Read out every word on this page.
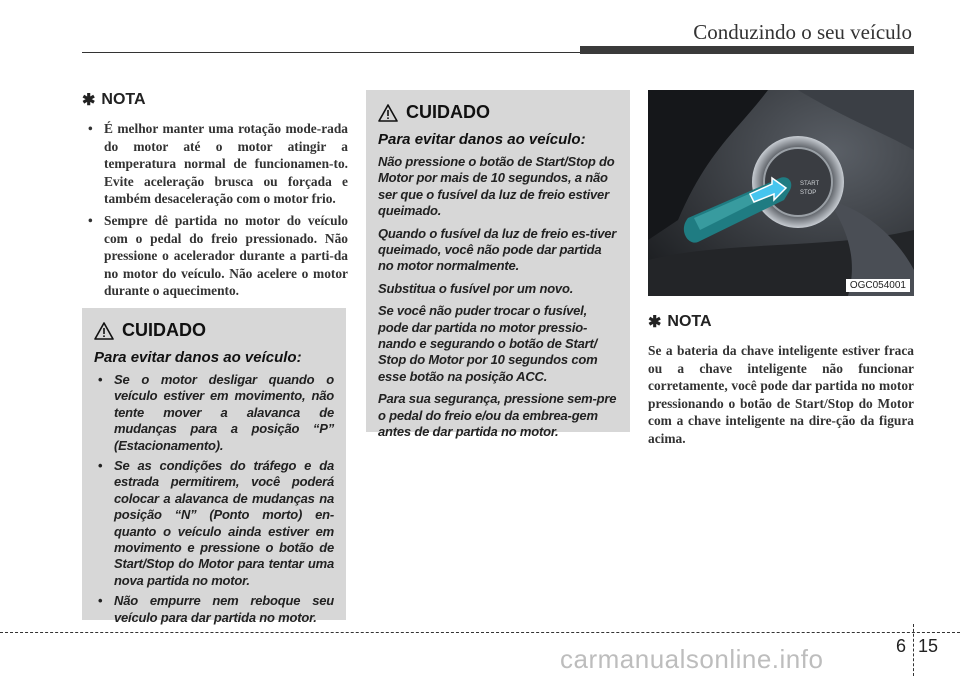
Conduzindo o seu veículo
✱ NOTA
• É melhor manter uma rotação mode-rada do motor até o motor atingir a temperatura normal de funcionamen-to. Evite aceleração brusca ou forçada e também desaceleração com o motor frio.
• Sempre dê partida no motor do veículo com o pedal do freio pressionado. Não pressione o acelerador durante a parti-da no motor do veículo. Não acelere o motor durante o aquecimento.
CUIDADO
Para evitar danos ao veículo:
• Se o motor desligar quando o veículo estiver em movimento, não tente mover a alavanca de mudanças para a posição “P” (Estacionamento).
• Se as condições do tráfego e da estrada permitirem, você poderá colocar a alavanca de mudanças na posição “N” (Ponto morto) en-quanto o veículo ainda estiver em movimento e pressione o botão de Start/Stop do Motor para tentar uma nova partida no motor.
• Não empurre nem reboque seu veículo para dar partida no motor.
CUIDADO
Para evitar danos ao veículo:

Não pressione o botão de Start/Stop do Motor por mais de 10 segundos, a não ser que o fusível da luz de freio estiver queimado.

Quando o fusível da luz de freio es-tiver queimado, você não pode dar partida no motor normalmente.

Substitua o fusível por um novo.

Se você não puder trocar o fusível, pode dar partida no motor pressio-nando e segurando o botão de Start/ Stop do Motor por 10 segundos com esse botão na posição ACC.

Para sua segurança, pressione sem-pre o pedal do freio e/ou da embrea-gem antes de dar partida no motor.

START
STOP
OGC054001
✱ NOTA
Se a bateria da chave inteligente estiver fraca ou a chave inteligente não funcionar corretamente, você pode dar partida no motor pressionando o botão de Start/Stop do Motor com a chave inteligente na dire-ção da figura acima.
6 15
carmanualsonline.info
